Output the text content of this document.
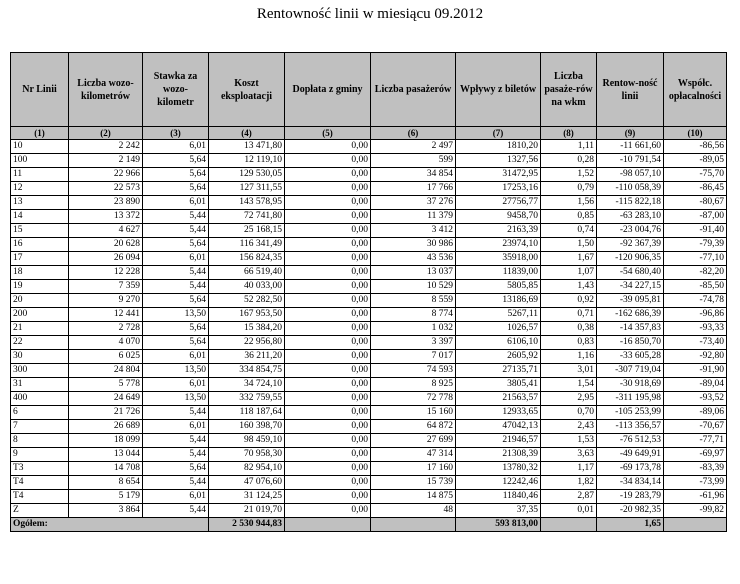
Rentowność linii w miesiącu 09.2012
Nr Linii	Liczba wozo-kilometrów	Stawka za wozo-kilometr	Koszt eksploatacji	Dopłata z gminy	Liczba pasażerów	Wpływy z biletów	Liczba pasaże-rów na wkm	Rentow-ność linii	Współc. opłacalności
(1)	(2)	(3)	(4)	(5)	(6)	(7)	(8)	(9)	(10)
10	2 242	6,01	13 471,80	0,00	2 497	1810,20	1,11	-11 661,60	-86,56
100	2 149	5,64	12 119,10	0,00	599	1327,56	0,28	-10 791,54	-89,05
11	22 966	5,64	129 530,05	0,00	34 854	31472,95	1,52	-98 057,10	-75,70
12	22 573	5,64	127 311,55	0,00	17 766	17253,16	0,79	-110 058,39	-86,45
13	23 890	6,01	143 578,95	0,00	37 276	27756,77	1,56	-115 822,18	-80,67
14	13 372	5,44	72 741,80	0,00	11 379	9458,70	0,85	-63 283,10	-87,00
15	4 627	5,44	25 168,15	0,00	3 412	2163,39	0,74	-23 004,76	-91,40
16	20 628	5,64	116 341,49	0,00	30 986	23974,10	1,50	-92 367,39	-79,39
17	26 094	6,01	156 824,35	0,00	43 536	35918,00	1,67	-120 906,35	-77,10
18	12 228	5,44	66 519,40	0,00	13 037	11839,00	1,07	-54 680,40	-82,20
19	7 359	5,44	40 033,00	0,00	10 529	5805,85	1,43	-34 227,15	-85,50
20	9 270	5,64	52 282,50	0,00	8 559	13186,69	0,92	-39 095,81	-74,78
200	12 441	13,50	167 953,50	0,00	8 774	5267,11	0,71	-162 686,39	-96,86
21	2 728	5,64	15 384,20	0,00	1 032	1026,57	0,38	-14 357,83	-93,33
22	4 070	5,64	22 956,80	0,00	3 397	6106,10	0,83	-16 850,70	-73,40
30	6 025	6,01	36 211,20	0,00	7 017	2605,92	1,16	-33 605,28	-92,80
300	24 804	13,50	334 854,75	0,00	74 593	27135,71	3,01	-307 719,04	-91,90
31	5 778	6,01	34 724,10	0,00	8 925	3805,41	1,54	-30 918,69	-89,04
400	24 649	13,50	332 759,55	0,00	72 778	21563,57	2,95	-311 195,98	-93,52
6	21 726	5,44	118 187,64	0,00	15 160	12933,65	0,70	-105 253,99	-89,06
7	26 689	6,01	160 398,70	0,00	64 872	47042,13	2,43	-113 356,57	-70,67
8	18 099	5,44	98 459,10	0,00	27 699	21946,57	1,53	-76 512,53	-77,71
9	13 044	5,44	70 958,30	0,00	47 314	21308,39	3,63	-49 649,91	-69,97
T3	14 708	5,64	82 954,10	0,00	17 160	13780,32	1,17	-69 173,78	-83,39
T4	8 654	5,44	47 076,60	0,00	15 739	12242,46	1,82	-34 834,14	-73,99
T4	5 179	6,01	31 124,25	0,00	14 875	11840,46	2,87	-19 283,79	-61,96
Z	3 864	5,44	21 019,70	0,00	48	37,35	0,01	-20 982,35	-99,82
Ogółem:			2 530 944,83			593 813,00		1,65	
